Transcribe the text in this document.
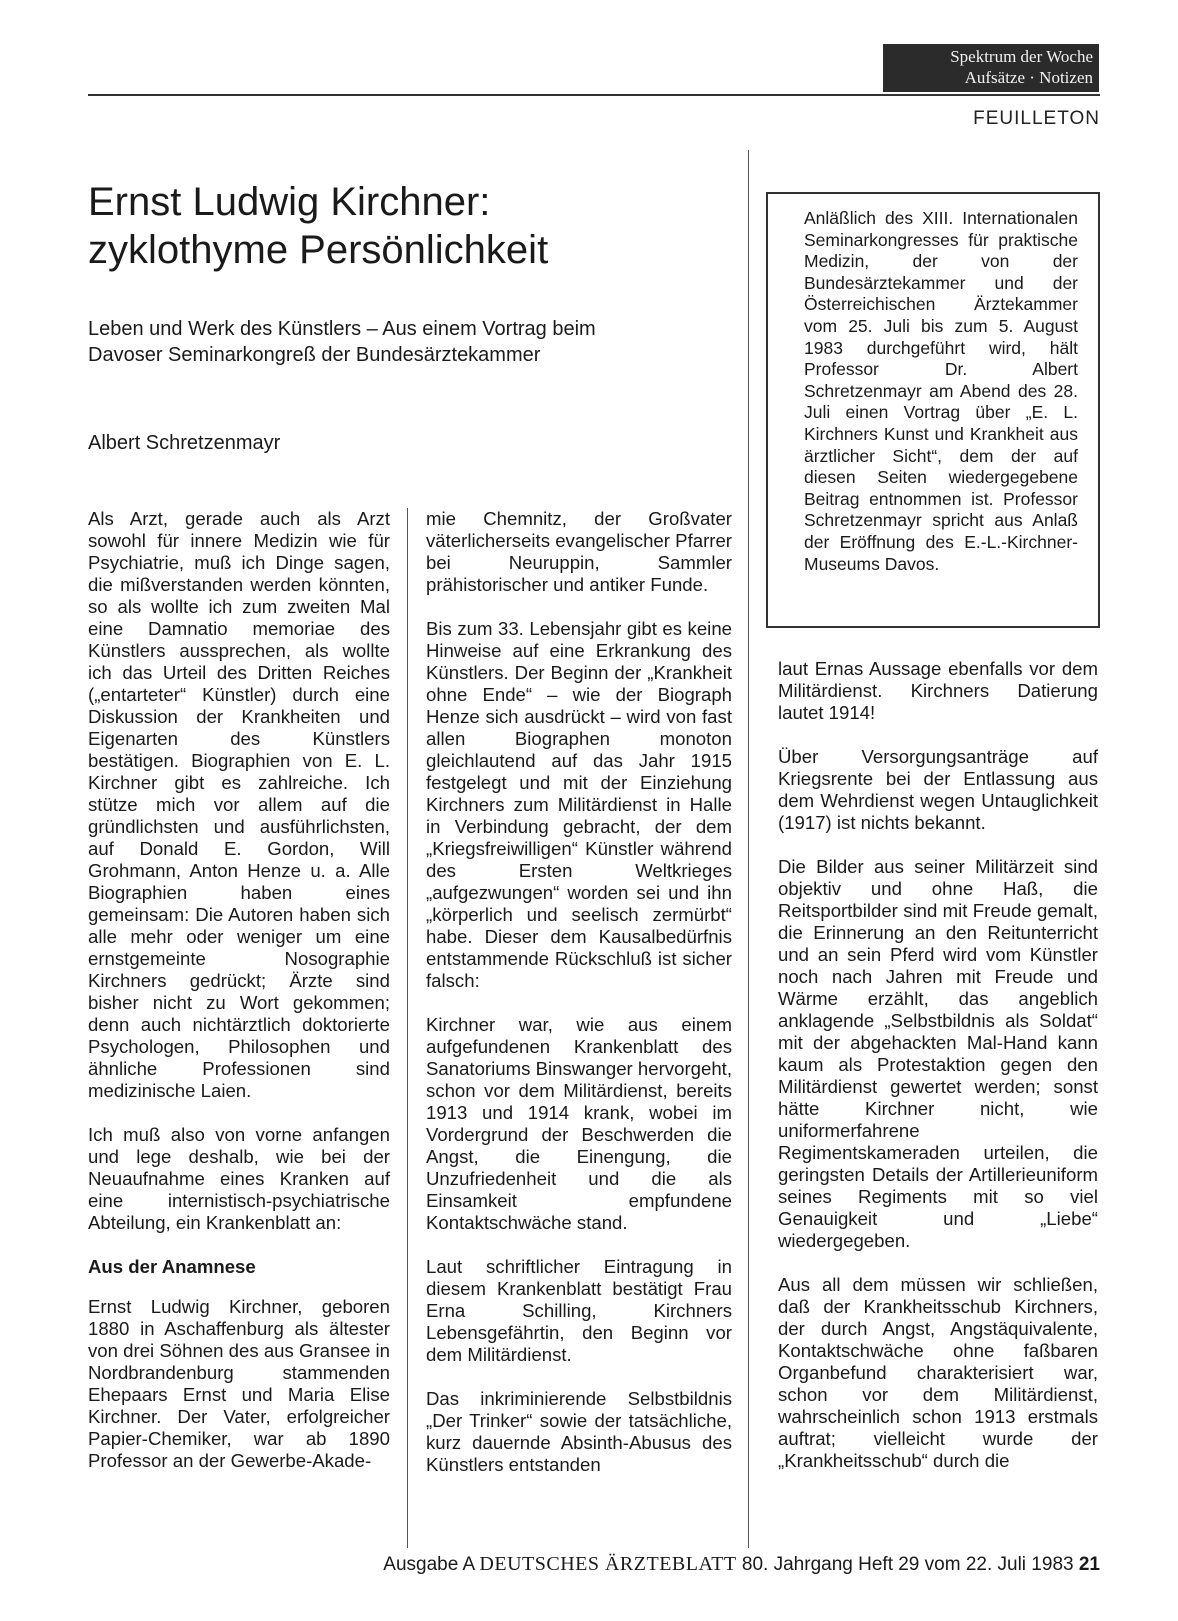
Spektrum der Woche
Aufsätze · Notizen
FEUILLETON
Ernst Ludwig Kirchner:
zyklothyme Persönlichkeit

Leben und Werk des Künstlers – Aus einem Vortrag beim
Davoser Seminarkongreß der Bundesärztekammer

Albert Schretzenmayr

Anläßlich des XIII. Internationalen Seminarkongresses für praktische Medizin, der von der Bundesärztekammer und der Österreichischen Ärztekammer vom 25. Juli bis zum 5. August 1983 durchgeführt wird, hält Professor Dr. Albert Schretzenmayr am Abend des 28. Juli einen Vortrag über „E. L. Kirchners Kunst und Krankheit aus ärztlicher Sicht“, dem der auf diesen Seiten wiedergegebene Beitrag entnommen ist. Professor Schretzenmayr spricht aus Anlaß der Eröffnung des E.-L.-Kirchner-Museums Davos.

Als Arzt, gerade auch als Arzt sowohl für innere Medizin wie für Psychiatrie, muß ich Dinge sagen, die mißverstanden werden könnten, so als wollte ich zum zweiten Mal eine Damnatio memoriae des Künstlers aussprechen, als wollte ich das Urteil des Dritten Reiches („entarteter“ Künstler) durch eine Diskussion der Krankheiten und Eigenarten des Künstlers bestätigen. Biographien von E. L. Kirchner gibt es zahlreiche. Ich stütze mich vor allem auf die gründlichsten und ausführlichsten, auf Donald E. Gordon, Will Grohmann, Anton Henze u. a. Alle Biographien haben eines gemeinsam: Die Autoren haben sich alle mehr oder weniger um eine ernstgemeinte Nosographie Kirchners gedrückt; Ärzte sind bisher nicht zu Wort gekommen; denn auch nichtärztlich doktorierte Psychologen, Philosophen und ähnliche Professionen sind medizinische Laien.

Ich muß also von vorne anfangen und lege deshalb, wie bei der Neuaufnahme eines Kranken auf eine internistisch-psychiatrische Abteilung, ein Krankenblatt an:

Aus der Anamnese

Ernst Ludwig Kirchner, geboren 1880 in Aschaffenburg als ältester von drei Söhnen des aus Gransee in Nordbrandenburg stammenden Ehepaars Ernst und Maria Elise Kirchner. Der Vater, erfolgreicher Papier-Chemiker, war ab 1890 Professor an der Gewerbe-Akade-

mie Chemnitz, der Großvater väterlicherseits evangelischer Pfarrer bei Neuruppin, Sammler prähistorischer und antiker Funde.

Bis zum 33. Lebensjahr gibt es keine Hinweise auf eine Erkrankung des Künstlers. Der Beginn der „Krankheit ohne Ende“ – wie der Biograph Henze sich ausdrückt – wird von fast allen Biographen monoton gleichlautend auf das Jahr 1915 festgelegt und mit der Einziehung Kirchners zum Militärdienst in Halle in Verbindung gebracht, der dem „Kriegsfreiwilligen“ Künstler während des Ersten Weltkrieges „aufgezwungen“ worden sei und ihn „körperlich und seelisch zermürbt“ habe. Dieser dem Kausalbedürfnis entstammende Rückschluß ist sicher falsch:

Kirchner war, wie aus einem aufgefundenen Krankenblatt des Sanatoriums Binswanger hervorgeht, schon vor dem Militärdienst, bereits 1913 und 1914 krank, wobei im Vordergrund der Beschwerden die Angst, die Einengung, die Unzufriedenheit und die als Einsamkeit empfundene Kontaktschwäche stand.

Laut schriftlicher Eintragung in diesem Krankenblatt bestätigt Frau Erna Schilling, Kirchners Lebensgefährtin, den Beginn vor dem Militärdienst.

Das inkriminierende Selbstbildnis „Der Trinker“ sowie der tatsächliche, kurz dauernde Absinth-Abusus des Künstlers entstanden

laut Ernas Aussage ebenfalls vor dem Militärdienst. Kirchners Datierung lautet 1914!

Über Versorgungsanträge auf Kriegsrente bei der Entlassung aus dem Wehrdienst wegen Untauglichkeit (1917) ist nichts bekannt.

Die Bilder aus seiner Militärzeit sind objektiv und ohne Haß, die Reitsportbilder sind mit Freude gemalt, die Erinnerung an den Reitunterricht und an sein Pferd wird vom Künstler noch nach Jahren mit Freude und Wärme erzählt, das angeblich anklagende „Selbstbildnis als Soldat“ mit der abgehackten Mal-Hand kann kaum als Protestaktion gegen den Militärdienst gewertet werden; sonst hätte Kirchner nicht, wie uniformerfahrene Regimentskameraden urteilen, die geringsten Details der Artillerieuniform seines Regiments mit so viel Genauigkeit und „Liebe“ wiedergegeben.

Aus all dem müssen wir schließen, daß der Krankheitsschub Kirchners, der durch Angst, Angstäquivalente, Kontaktschwäche ohne faßbaren Organbefund charakterisiert war, schon vor dem Militärdienst, wahrscheinlich schon 1913 erstmals auftrat; vielleicht wurde der „Krankheitsschub“ durch die

Ausgabe A DEUTSCHES ÄRZTEBLATT 80. Jahrgang Heft 29 vom 22. Juli 1983 21
